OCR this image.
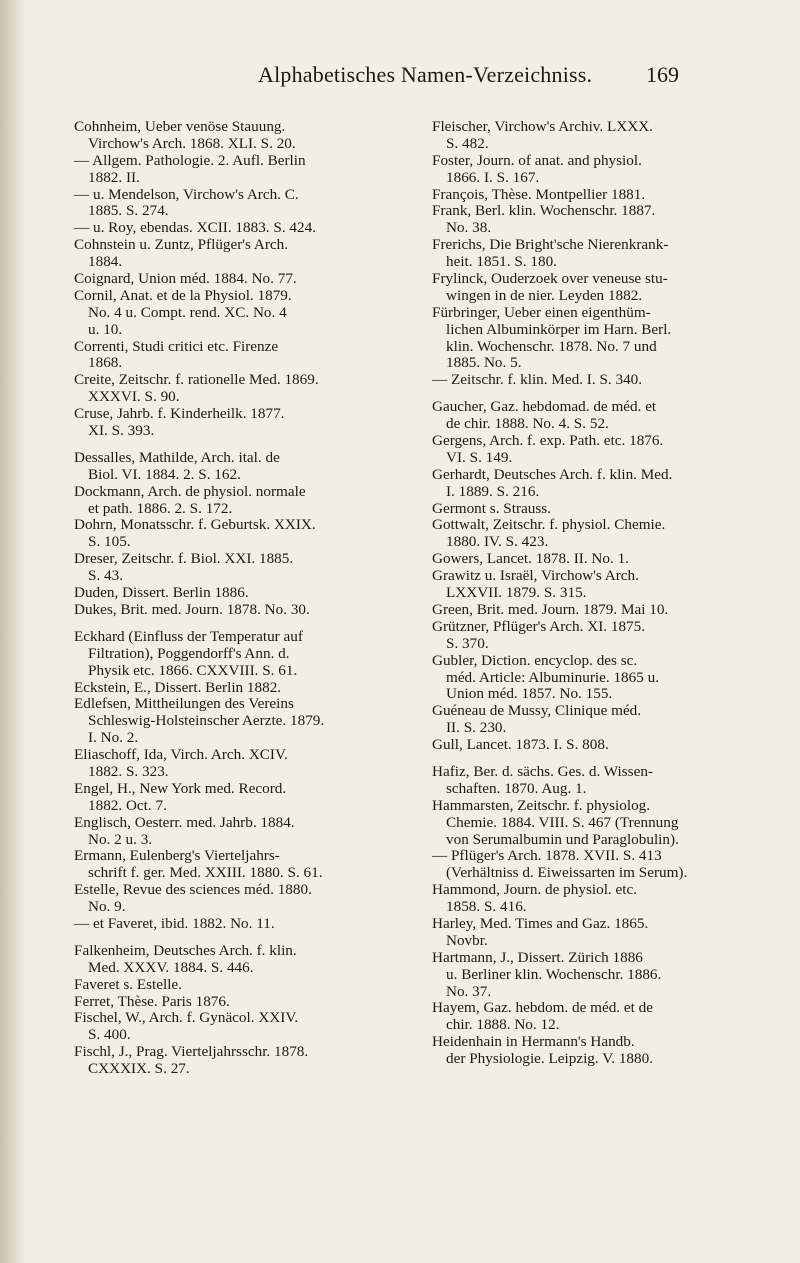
Alphabetisches Namen-Verzeichniss. 169
Cohnheim, Ueber venöse Stauung.
Virchow's Arch. 1868. XLI. S. 20.
— Allgem. Pathologie. 2. Aufl. Berlin
1882. II.
— u. Mendelson, Virchow's Arch. C.
1885. S. 274.
— u. Roy, ebendas. XCII. 1883. S. 424.
Cohnstein u. Zuntz, Pflüger's Arch.
1884.
Coignard, Union méd. 1884. No. 77.
Cornil, Anat. et de la Physiol. 1879.
No. 4 u. Compt. rend. XC. No. 4
u. 10.
Correnti, Studi critici etc. Firenze
1868.
Creite, Zeitschr. f. rationelle Med. 1869.
XXXVI. S. 90.
Cruse, Jahrb. f. Kinderheilk. 1877.
XI. S. 393.
Dessalles, Mathilde, Arch. ital. de
Biol. VI. 1884. 2. S. 162.
Dockmann, Arch. de physiol. normale
et path. 1886. 2. S. 172.
Dohrn, Monatsschr. f. Geburtsk. XXIX.
S. 105.
Dreser, Zeitschr. f. Biol. XXI. 1885.
S. 43.
Duden, Dissert. Berlin 1886.
Dukes, Brit. med. Journ. 1878. No. 30.
Eckhard (Einfluss der Temperatur auf
Filtration), Poggendorff's Ann. d.
Physik etc. 1866. CXXVIII. S. 61.
Eckstein, E., Dissert. Berlin 1882.
Edlefsen, Mittheilungen des Vereins
Schleswig-Holsteinscher Aerzte. 1879.
I. No. 2.
Eliaschoff, Ida, Virch. Arch. XCIV.
1882. S. 323.
Engel, H., New York med. Record.
1882. Oct. 7.
Englisch, Oesterr. med. Jahrb. 1884.
No. 2 u. 3.
Ermann, Eulenberg's Vierteljahrs-
schrift f. ger. Med. XXIII. 1880. S. 61.
Estelle, Revue des sciences méd. 1880.
No. 9.
— et Faveret, ibid. 1882. No. 11.
Falkenheim, Deutsches Arch. f. klin.
Med. XXXV. 1884. S. 446.
Faveret s. Estelle.
Ferret, Thèse. Paris 1876.
Fischel, W., Arch. f. Gynäcol. XXIV.
S. 400.
Fischl, J., Prag. Vierteljahrsschr. 1878.
CXXXIX. S. 27.
Fleischer, Virchow's Archiv. LXXX.
S. 482.
Foster, Journ. of anat. and physiol.
1866. I. S. 167.
François, Thèse. Montpellier 1881.
Frank, Berl. klin. Wochenschr. 1887.
No. 38.
Frerichs, Die Bright'sche Nierenkrank-
heit. 1851. S. 180.
Frylinck, Ouderzoek over veneuse stu-
wingen in de nier. Leyden 1882.
Fürbringer, Ueber einen eigenthüm-
lichen Albuminkörper im Harn. Berl.
klin. Wochenschr. 1878. No. 7 und
1885. No. 5.
— Zeitschr. f. klin. Med. I. S. 340.
Gaucher, Gaz. hebdomad. de méd. et
de chir. 1888. No. 4. S. 52.
Gergens, Arch. f. exp. Path. etc. 1876.
VI. S. 149.
Gerhardt, Deutsches Arch. f. klin. Med.
I. 1889. S. 216.
Germont s. Strauss.
Gottwalt, Zeitschr. f. physiol. Chemie.
1880. IV. S. 423.
Gowers, Lancet. 1878. II. No. 1.
Grawitz u. Israël, Virchow's Arch.
LXXVII. 1879. S. 315.
Green, Brit. med. Journ. 1879. Mai 10.
Grützner, Pflüger's Arch. XI. 1875.
S. 370.
Gubler, Diction. encyclop. des sc.
méd. Article: Albuminurie. 1865 u.
Union méd. 1857. No. 155.
Guéneau de Mussy, Clinique méd.
II. S. 230.
Gull, Lancet. 1873. I. S. 808.
Hafiz, Ber. d. sächs. Ges. d. Wissen-
schaften. 1870. Aug. 1.
Hammarsten, Zeitschr. f. physiolog.
Chemie. 1884. VIII. S. 467 (Trennung
von Serumalbumin und Paraglobulin).
— Pflüger's Arch. 1878. XVII. S. 413
(Verhältniss d. Eiweissarten im Serum).
Hammond, Journ. de physiol. etc.
1858. S. 416.
Harley, Med. Times and Gaz. 1865.
Novbr.
Hartmann, J., Dissert. Zürich 1886
u. Berliner klin. Wochenschr. 1886.
No. 37.
Hayem, Gaz. hebdom. de méd. et de
chir. 1888. No. 12.
Heidenhain in Hermann's Handb.
der Physiologie. Leipzig. V. 1880.
